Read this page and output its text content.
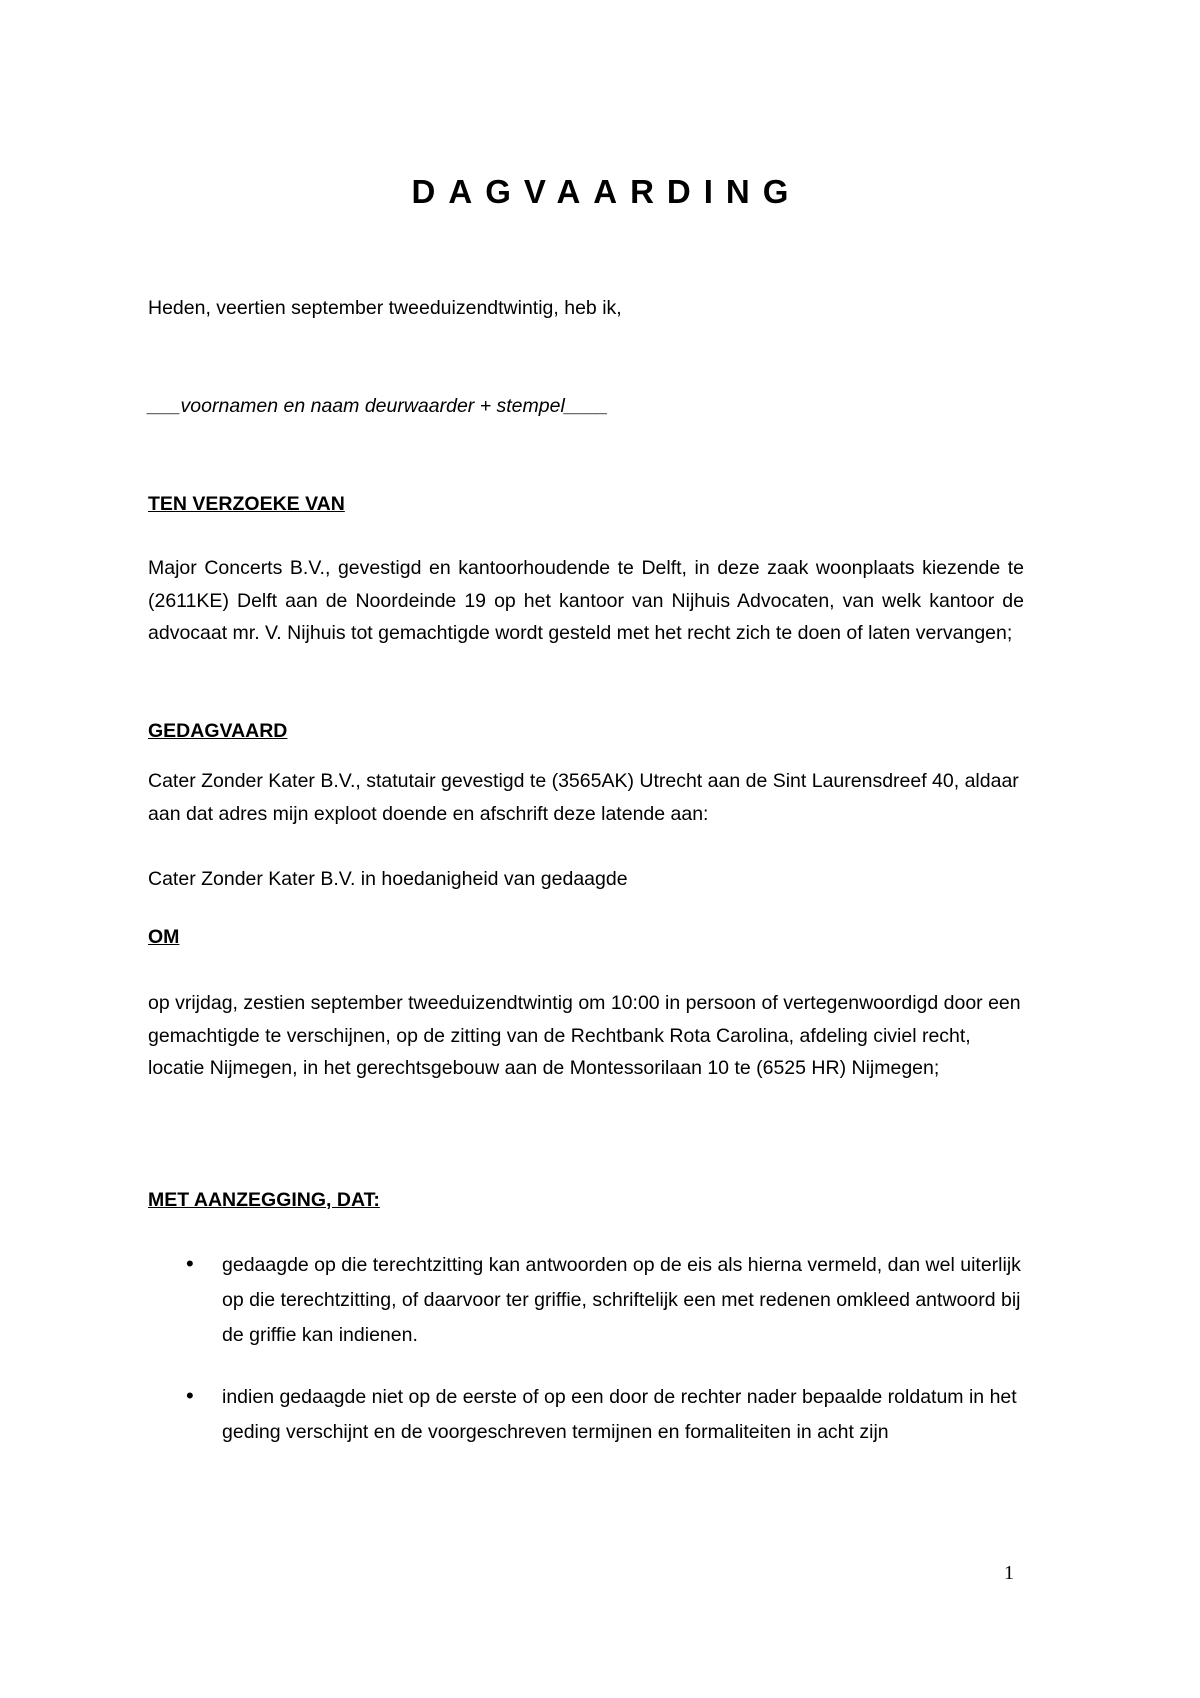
DAGVAARDING
Heden, veertien september tweeduizendtwintig, heb ik,
___voornamen en naam deurwaarder + stempel____
TEN VERZOEKE VAN
Major Concerts B.V., gevestigd en kantoorhoudende te Delft, in deze zaak woonplaats kiezende te (2611KE) Delft aan de Noordeinde 19 op het kantoor van Nijhuis Advocaten, van welk kantoor de advocaat mr. V. Nijhuis tot gemachtigde wordt gesteld met het recht zich te doen of laten vervangen;
GEDAGVAARD
Cater Zonder Kater B.V., statutair gevestigd te (3565AK) Utrecht aan de Sint Laurensdreef 40, aldaar aan dat adres mijn exploot doende en afschrift deze latende aan:
Cater Zonder Kater B.V. in hoedanigheid van gedaagde
OM
op vrijdag, zestien september tweeduizendtwintig om 10:00 in persoon of vertegenwoordigd door een gemachtigde te verschijnen, op de zitting van de Rechtbank Rota Carolina, afdeling civiel recht, locatie Nijmegen, in het gerechtsgebouw aan de Montessorilaan 10 te (6525 HR) Nijmegen;
MET AANZEGGING, DAT:
• gedaagde op die terechtzitting kan antwoorden op de eis als hierna vermeld, dan wel uiterlijk op die terechtzitting, of daarvoor ter griffie, schriftelijk een met redenen omkleed antwoord bij de griffie kan indienen.
• indien gedaagde niet op de eerste of op een door de rechter nader bepaalde roldatum in het geding verschijnt en de voorgeschreven termijnen en formaliteiten in acht zijn
1
